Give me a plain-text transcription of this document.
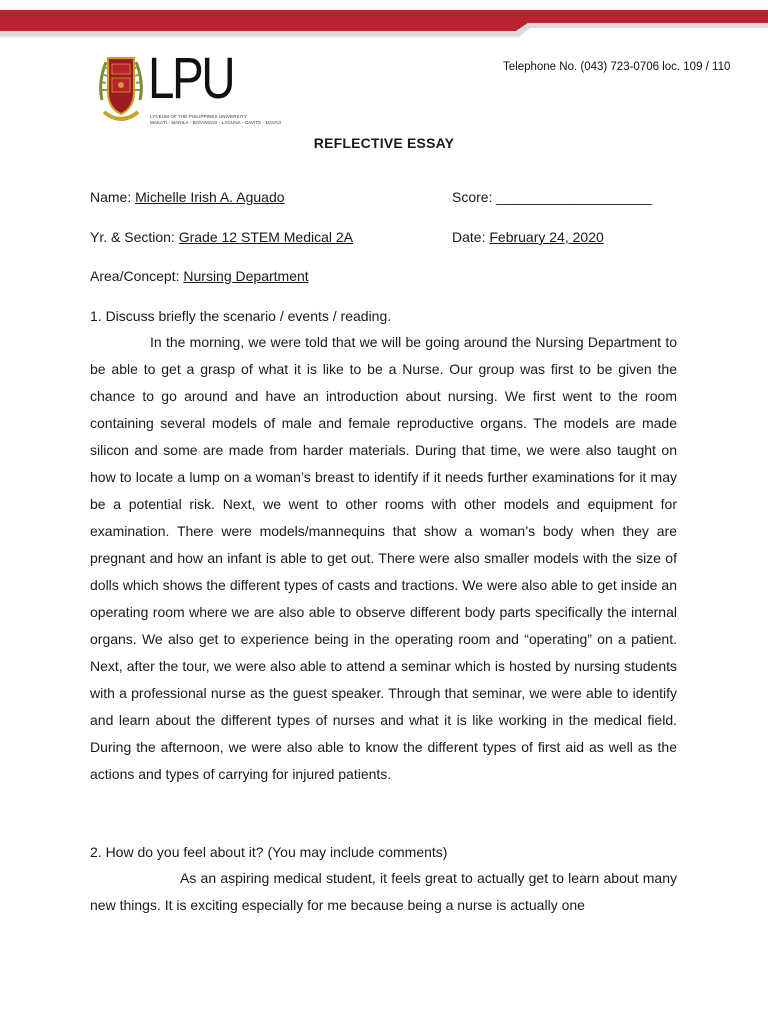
LPU
LYCEUM OF THE PHILIPPINES UNIVERSITY
MAKATI - MANILA - BATANGAS - LAGUNA - CAVITE - DAVAO
Telephone No. (043) 723-0706 loc. 109 / 110
REFLECTIVE ESSAY
Name: Michelle Irish A. Aguado	Score: ____________________
Yr. & Section: Grade 12 STEM Medical 2A	Date: February 24, 2020
Area/Concept: Nursing Department
1. Discuss briefly the scenario / events / reading.

In the morning, we were told that we will be going around the Nursing Department to be able to get a grasp of what it is like to be a Nurse. Our group was first to be given the chance to go around and have an introduction about nursing. We first went to the room containing several models of male and female reproductive organs. The models are made silicon and some are made from harder materials. During that time, we were also taught on how to locate a lump on a woman’s breast to identify if it needs further examinations for it may be a potential risk. Next, we went to other rooms with other models and equipment for examination. There were models/mannequins that show a woman’s body when they are pregnant and how an infant is able to get out. There were also smaller models with the size of dolls which shows the different types of casts and tractions. We were also able to get inside an operating room where we are also able to observe different body parts specifically the internal organs. We also get to experience being in the operating room and “operating” on a patient. Next, after the tour, we were also able to attend a seminar which is hosted by nursing students with a professional nurse as the guest speaker. Through that seminar, we were able to identify and learn about the different types of nurses and what it is like working in the medical field. During the afternoon, we were also able to know the different types of first aid as well as the actions and types of carrying for injured patients.

2. How do you feel about it? (You may include comments)

As an aspiring medical student, it feels great to actually get to learn about many new things. It is exciting especially for me because being a nurse is actually one
